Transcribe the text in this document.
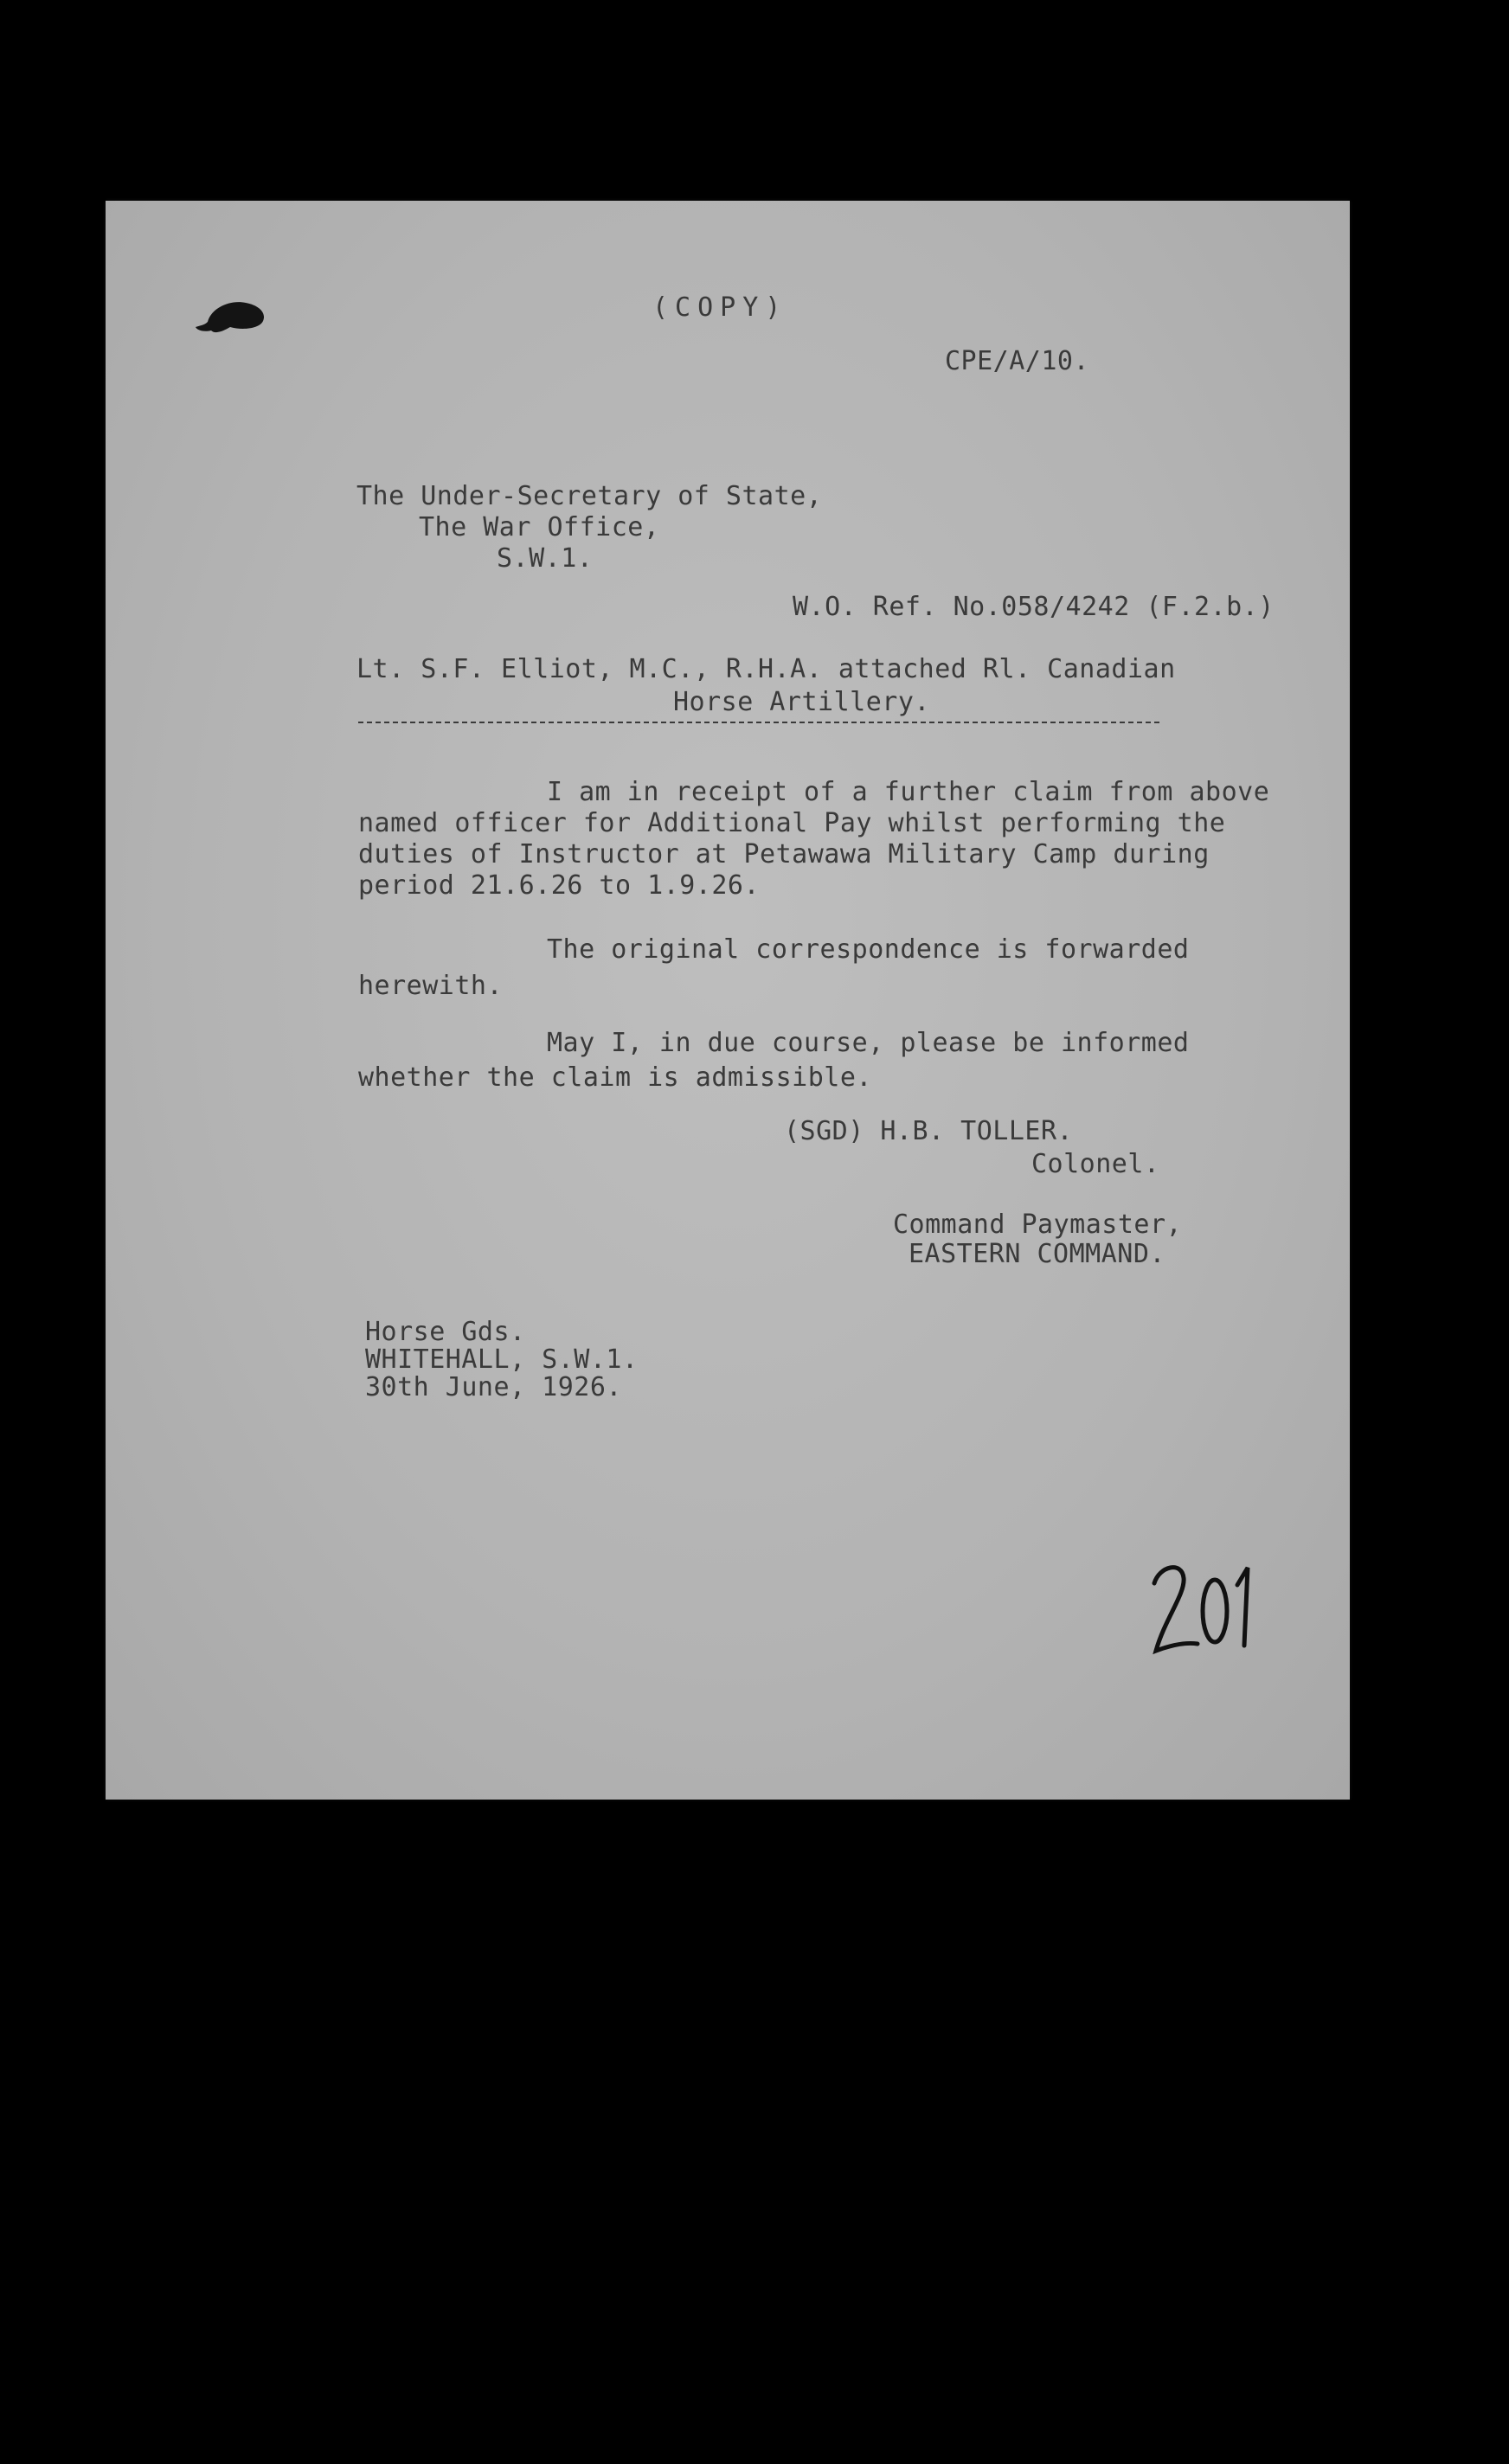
(COPY)
CPE/A/10.
The Under-Secretary of State,
The War Office,
S.W.1.
W.O. Ref. No.058/4242 (F.2.b.)
Lt. S.F. Elliot, M.C., R.H.A. attached Rl. Canadian
Horse Artillery.
I am in receipt of a further claim from above
named officer for Additional Pay whilst performing the
duties of Instructor at Petawawa Military Camp during
period 21.6.26 to 1.9.26.
The original correspondence is forwarded
herewith.
May I, in due course, please be informed
whether the claim is admissible.
(SGD) H.B. TOLLER.
Colonel.
Command Paymaster,
EASTERN COMMAND.
Horse Gds.
WHITEHALL, S.W.1.
30th June, 1926.
201
